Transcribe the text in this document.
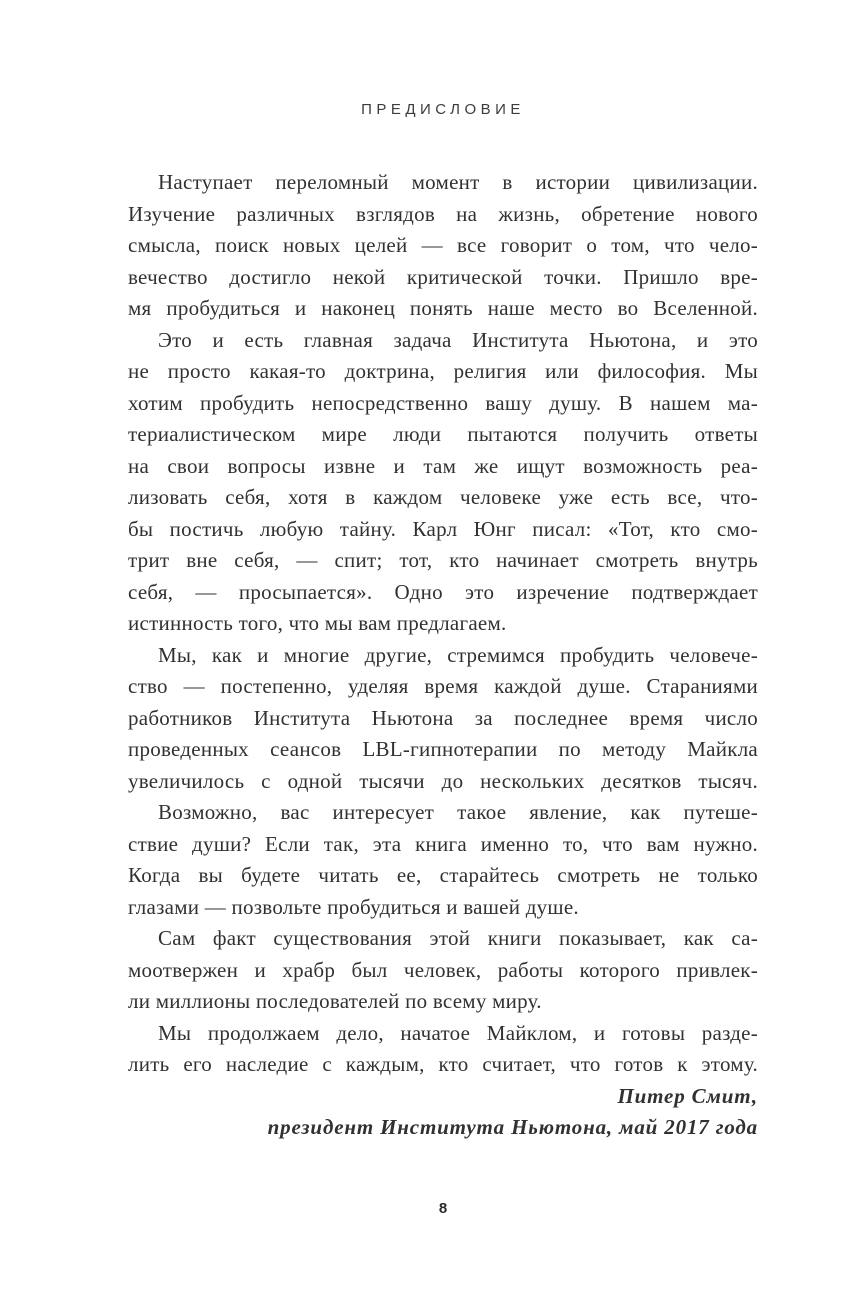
ПРЕДИСЛОВИЕ
Наступает переломный момент в истории цивилизации.
Изучение различных взглядов на жизнь, обретение нового
смысла, поиск новых целей — все говорит о том, что чело-
вечество достигло некой критической точки. Пришло вре-
мя пробудиться и наконец понять наше место во Вселенной.
Это и есть главная задача Института Ньютона, и это
не просто какая-то доктрина, религия или философия. Мы
хотим пробудить непосредственно вашу душу. В нашем ма-
териалистическом мире люди пытаются получить ответы
на свои вопросы извне и там же ищут возможность реа-
лизовать себя, хотя в каждом человеке уже есть все, что-
бы постичь любую тайну. Карл Юнг писал: «Тот, кто смо-
трит вне себя, — спит; тот, кто начинает смотреть внутрь
себя, — просыпается». Одно это изречение подтверждает
истинность того, что мы вам предлагаем.
Мы, как и многие другие, стремимся пробудить человече-
ство — постепенно, уделяя время каждой душе. Стараниями
работников Института Ньютона за последнее время число
проведенных сеансов LBL-гипнотерапии по методу Майкла
увеличилось с одной тысячи до нескольких десятков тысяч.
Возможно, вас интересует такое явление, как путеше-
ствие души? Если так, эта книга именно то, что вам нужно.
Когда вы будете читать ее, старайтесь смотреть не только
глазами — позвольте пробудиться и вашей душе.
Сам факт существования этой книги показывает, как са-
моотвержен и храбр был человек, работы которого привлек-
ли миллионы последователей по всему миру.
Мы продолжаем дело, начатое Майклом, и готовы разде-
лить его наследие с каждым, кто считает, что готов к этому.
Питер Смит,
президент Института Ньютона, май 2017 года
8
